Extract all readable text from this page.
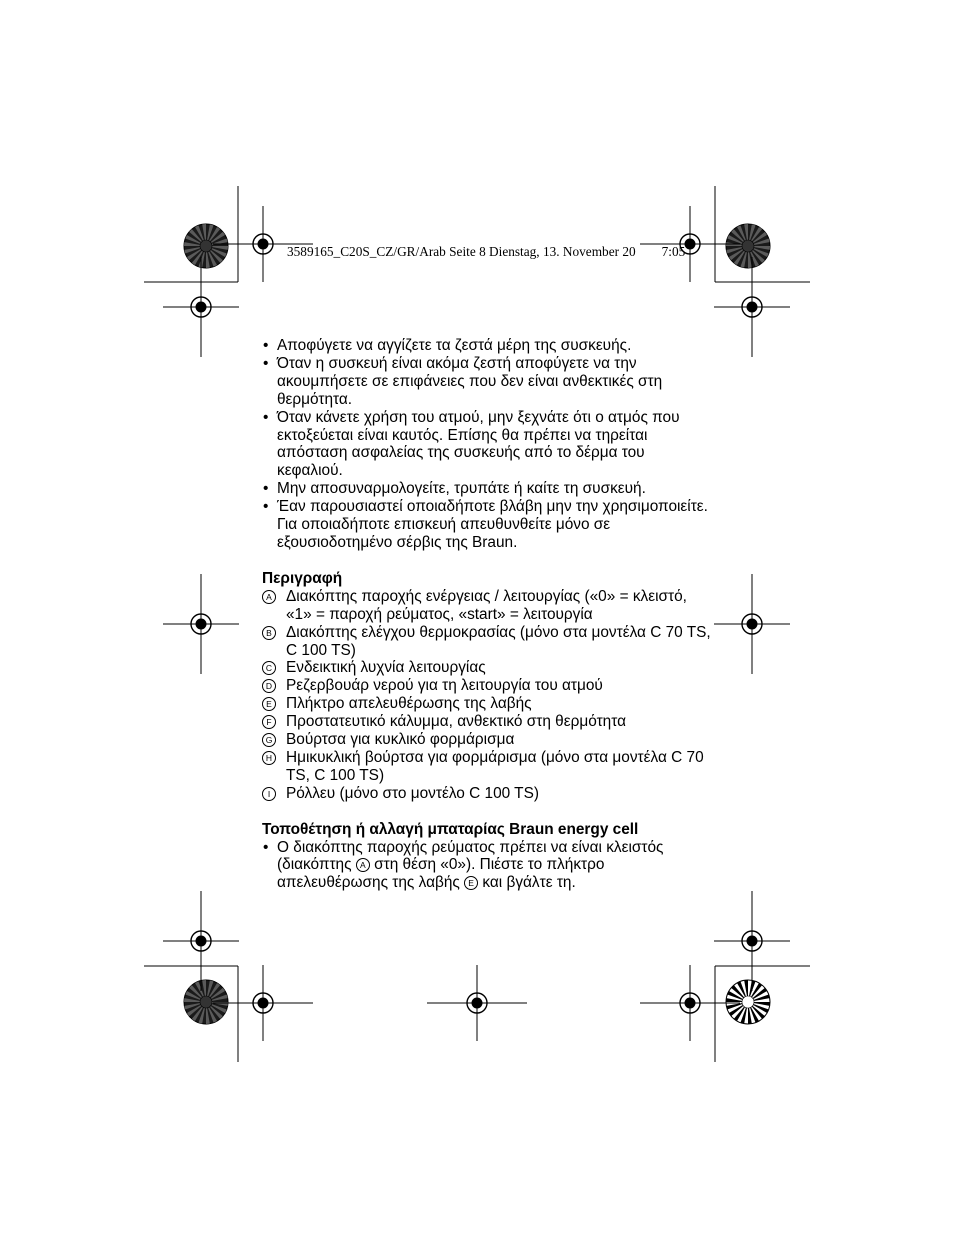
3589165_C20S_CZ/GR/Arab Seite 8 Dienstag, 13. November 20 7:05
• Αποφύγετε να αγγίζετε τα ζεστά μέρη της συσκευής.
• Όταν η συσκευή είναι ακόμα ζεστή αποφύγετε να την ακουμπήσετε σε επιφάνειες που δεν είναι ανθεκτικές στη θερμότητα.
• Όταν κάνετε χρήση του ατμού, μην ξεχνάτε ότι ο ατμός που εκτοξεύεται είναι καυτός. Επίσης θα πρέπει να τηρείται απόσταση ασφαλείας της συσκευής από το δέρμα του κεφαλιού.
• Μην αποσυναρμολογείτε, τρυπάτε ή καίτε τη συσκευή.
• Έαν παρουσιαστεί οποιαδήποτε βλάβη μην την χρησιμοποιείτε. Για οποιαδήποτε επισκευή απευθυνθείτε μόνο σε εξουσιοδοτημένο σέρβις της Braun.
Περιγραφή
A Διακόπτης παροχής ενέργειας / λειτουργίας («0» = κλειστό, «1» = παροχή ρεύματος, «start» = λειτουργία
B Διακόπτης ελέγχου θερμοκρασίας (μόνο στα μοντέλα C 70 TS, C 100 TS)
C Ενδεικτική λυχνία λειτουργίας
D Ρεζερβουάρ νερού για τη λειτουργία του ατμού
E Πλήκτρο απελευθέρωσης της λαβής
F Προστατευτικό κάλυμμα, ανθεκτικό στη θερμότητα
G Βούρτσα για κυκλικό φορμάρισμα
H Ημικυκλική βούρτσα για φορμάρισμα (μόνο στα μοντέλα C 70 TS, C 100 TS)
I	Ρόλλευ (μόνο στο μοντέλο C 100 TS)
Τοποθέτηση ή αλλαγή μπαταρίας Braun energy cell
• Ο διακόπτης παροχής ρεύματος πρέπει να είναι κλειστός (διακόπτης A στη θέση «0»). Πιέστε το πλήκτρο απελευθέρωσης της λαβής E και βγάλτε τη.
